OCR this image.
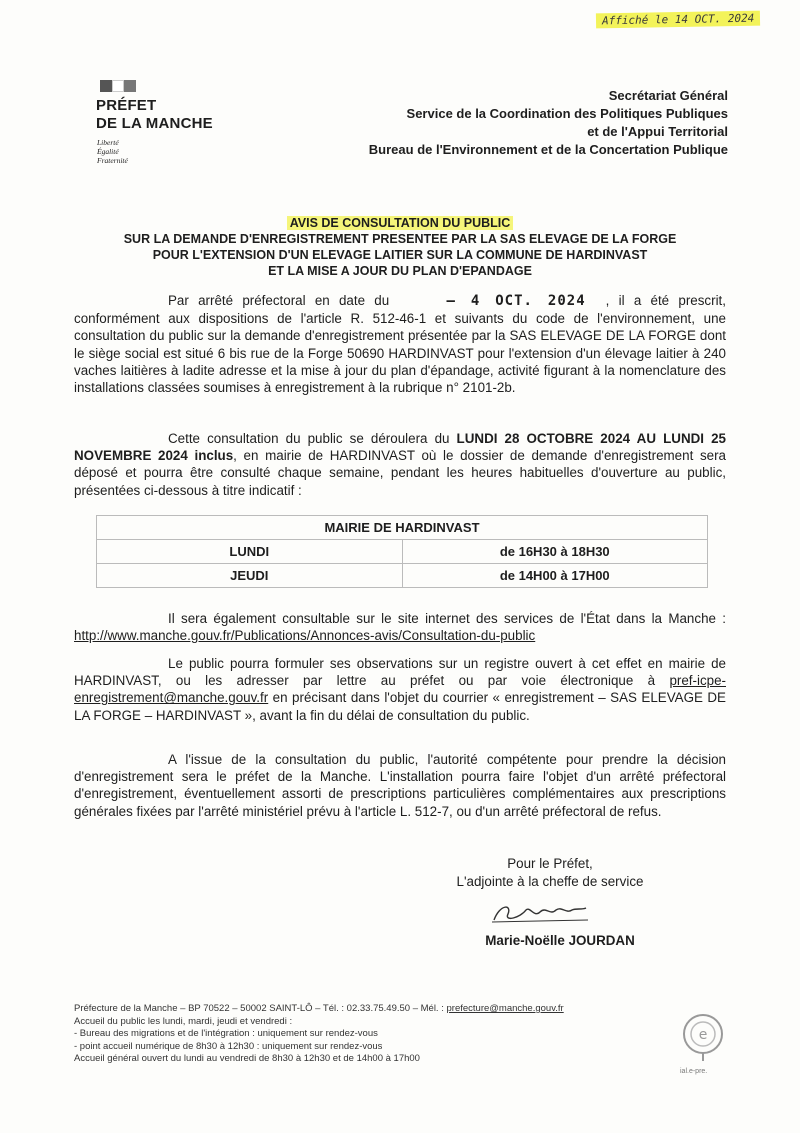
Affiché le 14 OCT. 2024
PRÉFET
DE LA MANCHE
Liberté
Égalité
Fraternité
Secrétariat Général
Service de la Coordination des Politiques Publiques
et de l'Appui Territorial
Bureau de l'Environnement et de la Concertation Publique
AVIS DE CONSULTATION DU PUBLIC
SUR LA DEMANDE D'ENREGISTREMENT PRESENTEE PAR LA SAS ELEVAGE DE LA FORGE
POUR L'EXTENSION D'UN ELEVAGE LAITIER SUR LA COMMUNE DE HARDINVAST
ET LA MISE A JOUR DU PLAN D'EPANDAGE

Par arrêté préfectoral en date du	– 4 OCT. 2024 , il a été prescrit, conformément aux dispositions de l'article R. 512-46-1 et suivants du code de l'environnement, une consultation du public sur la demande d'enregistrement présentée par la SAS ELEVAGE DE LA FORGE dont le siège social est situé 6 bis rue de la Forge 50690 HARDINVAST pour l'extension d'un élevage laitier à 240 vaches laitières à ladite adresse et la mise à jour du plan d'épandage, activité figurant à la nomenclature des installations classées soumises à enregistrement à la rubrique n° 2101-2b.

Cette consultation du public se déroulera du LUNDI 28 OCTOBRE 2024 AU LUNDI 25 NOVEMBRE 2024 inclus, en mairie de HARDINVAST où le dossier de demande d'enregistrement sera déposé et pourra être consulté chaque semaine, pendant les heures habituelles d'ouverture au public, présentées ci-dessous à titre indicatif :

MAIRIE DE HARDINVAST	
LUNDI	de 16H30 à 18H30
JEUDI	de 14H00 à 17H00

Il sera également consultable sur le site internet des services de l'État dans la Manche : http://www.manche.gouv.fr/Publications/Annonces-avis/Consultation-du-public

Le public pourra formuler ses observations sur un registre ouvert à cet effet en mairie de HARDINVAST, ou les adresser par lettre au préfet ou par voie électronique à pref-icpe-enregistrement@manche.gouv.fr en précisant dans l'objet du courrier « enregistrement – SAS ELEVAGE DE LA FORGE – HARDINVAST », avant la fin du délai de consultation du public.

A l'issue de la consultation du public, l'autorité compétente pour prendre la décision d'enregistrement sera le préfet de la Manche. L'installation pourra faire l'objet d'un arrêté préfectoral d'enregistrement, éventuellement assorti de prescriptions particulières complémentaires aux prescriptions générales fixées par l'arrêté ministériel prévu à l'article L. 512-7, ou d'un arrêté préfectoral de refus.

Pour le Préfet,
L'adjointe à la cheffe de service
Marie-Noëlle JOURDAN
Préfecture de la Manche – BP 70522 – 50002 SAINT-LÔ – Tél. : 02.33.75.49.50 – Mél. : prefecture@manche.gouv.fr
Accueil du public les lundi, mardi, jeudi et vendredi :
- Bureau des migrations et de l'intégration : uniquement sur rendez-vous
- point accueil numérique de 8h30 à 12h30 : uniquement sur rendez-vous
Accueil général ouvert du lundi au vendredi de 8h30 à 12h30 et de 14h00 à 17h00
e
ial.e-pre.
